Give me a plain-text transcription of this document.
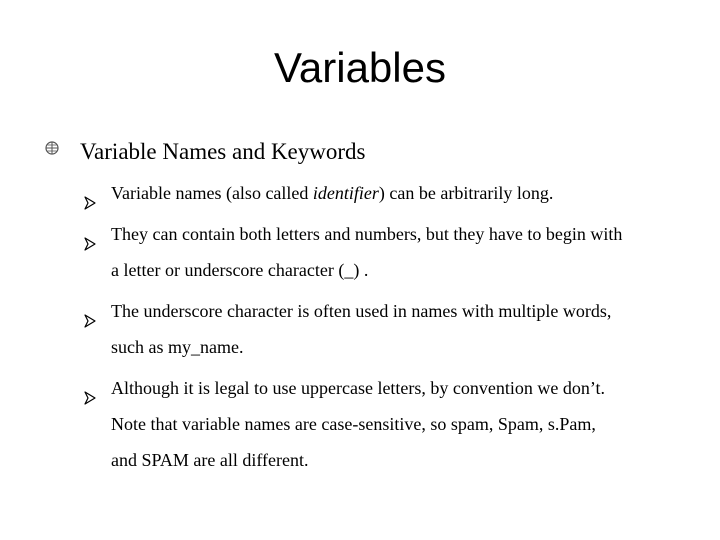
Variables
Variable Names and Keywords
Variable names (also called identifier) can be arbitrarily long.
They can contain both letters and numbers, but they have to begin with
a letter or underscore character (_) .
The underscore character is often used in names with multiple words,
such as my_name.
Although it is legal to use uppercase letters, by convention we don’t.
Note that variable names are case-sensitive, so spam, Spam, s.Pam,
and SPAM are all different.
